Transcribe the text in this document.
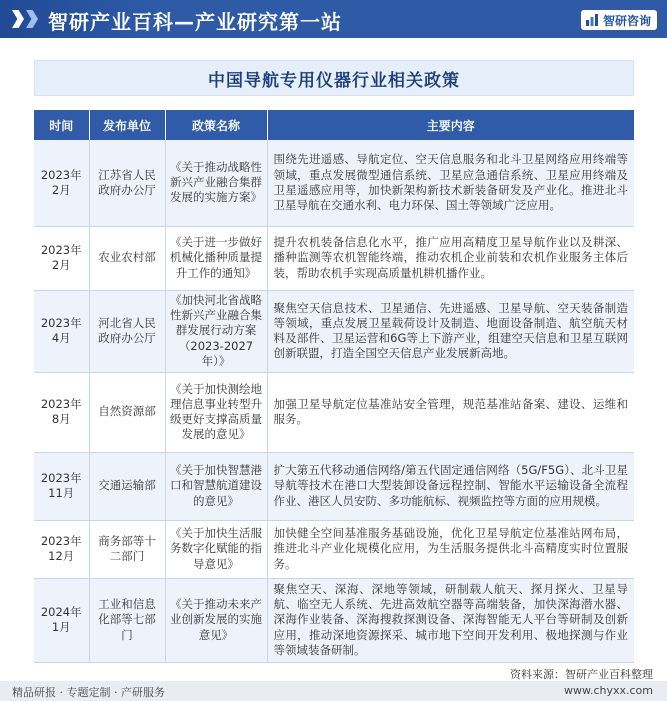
智研产业百科—产业研究第一站	智研咨询
中国导航专用仪器行业相关政策
时间	发布单位	政策名称	主要内容
2023年2月	江苏省人民政府办公厅	《关于推动战略性新兴产业融合集群发展的实施方案》	围绕先进遥感、导航定位、空天信息服务和北斗卫星网络应用终端等领域，重点发展微型通信系统、卫星应急通信系统、卫星应用终端及卫星遥感应用等，加快新架构新技术新装备研发及产业化。推进北斗卫星导航在交通水利、电力环保、国土等领域广泛应用。
2023年2月	农业农村部	《关于进一步做好机械化播种质量提升工作的通知》	提升农机装备信息化水平，推广应用高精度卫星导航作业以及耕深、播种监测等农机智能终端，推动农机企业前装和农机作业服务主体后装，帮助农机手实现高质量机耕机播作业。
2023年4月	河北省人民政府办公厅	《加快河北省战略性新兴产业融合集群发展行动方案（2023-2027年）》	聚焦空天信息技术、卫星通信、先进遥感、卫星导航、空天装备制造等领域，重点发展卫星载荷设计及制造、地面设备制造、航空航天材料及部件、卫星运营和6G等上下游产业，组建空天信息和卫星互联网创新联盟，打造全国空天信息产业发展新高地。
2023年8月	自然资源部	《关于加快测绘地理信息事业转型升级更好支撑高质量发展的意见》	加强卫星导航定位基准站安全管理，规范基准站备案、建设、运维和服务。
2023年11月	交通运输部	《关于加快智慧港口和智慧航道建设的意见》	扩大第五代移动通信网络/第五代固定通信网络（5G/F5G）、北斗卫星导航等技术在港口大型装卸设备远程控制、智能水平运输设备全流程作业、港区人员安防、多功能航标、视频监控等方面的应用规模。
2023年12月	商务部等十二部门	《关于加快生活服务数字化赋能的指导意见》	加快健全空间基准服务基础设施，优化卫星导航定位基准站网布局，推进北斗产业化规模化应用，为生活服务提供北斗高精度实时位置服务。
2024年1月	工业和信息化部等七部门	《关于推动未来产业创新发展的实施意见》	聚焦空天、深海、深地等领域，研制载人航天、探月探火、卫星导航、临空无人系统、先进高效航空器等高端装备，加快深海潜水器、深海作业装备、深海搜救探测设备、深海智能无人平台等研制及创新应用，推动深地资源探采、城市地下空间开发利用、极地探测与作业等领域装备研制。
资料来源：智研产业百科整理
精品研报 · 专题定制 · 产研服务	www.chyxx.com
